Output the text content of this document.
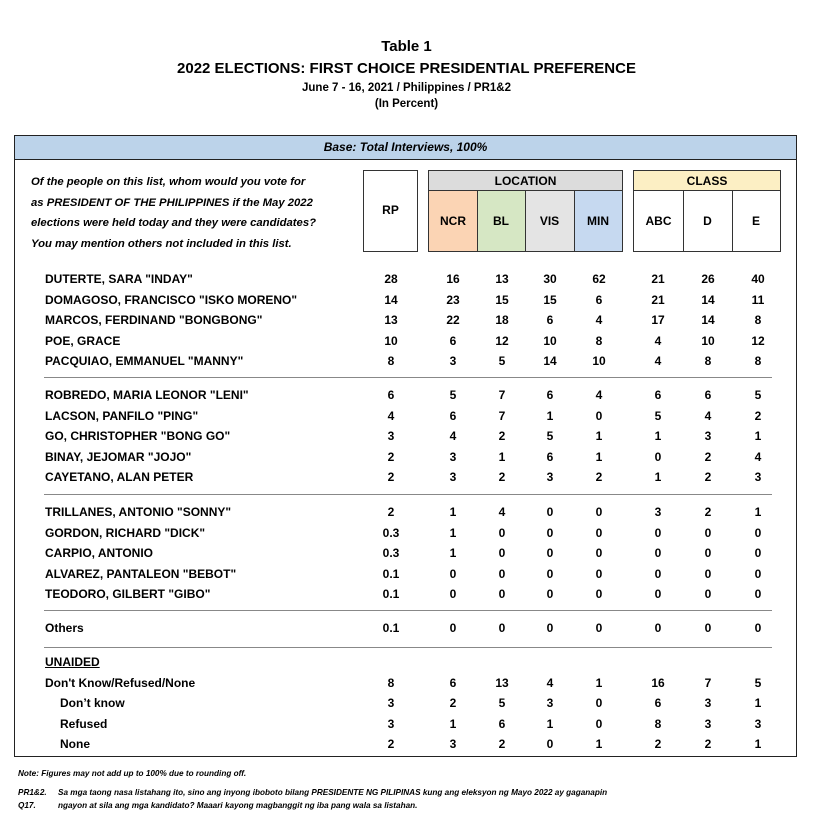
Table 1
2022 ELECTIONS: FIRST CHOICE PRESIDENTIAL PREFERENCE
June 7 - 16, 2021 / Philippines / PR1&2
(In Percent)
Base: Total Interviews, 100%
Of the people on this list, whom would you vote for
as PRESIDENT OF THE PHILIPPINES if the May 2022
elections were held today and they were candidates?
You may mention others not included in this list.
RP
LOCATION
NCR	BL	VIS	MIN
CLASS
ABC	D	E
DUTERTE, SARA "INDAY"	28	16	13	30	62	21	26	40
DOMAGOSO, FRANCISCO "ISKO MORENO"	14	23	15	15	6	21	14	11
MARCOS, FERDINAND "BONGBONG"	13	22	18	6	4	17	14	8
POE, GRACE	10	6	12	10	8	4	10	12
PACQUIAO, EMMANUEL "MANNY"	8	3	5	14	10	4	8	8
ROBREDO, MARIA LEONOR "LENI"	6	5	7	6	4	6	6	5
LACSON, PANFILO "PING"	4	6	7	1	0	5	4	2
GO, CHRISTOPHER "BONG GO"	3	4	2	5	1	1	3	1
BINAY, JEJOMAR "JOJO"	2	3	1	6	1	0	2	4
CAYETANO, ALAN PETER	2	3	2	3	2	1	2	3
TRILLANES, ANTONIO "SONNY"	2	1	4	0	0	3	2	1
GORDON, RICHARD "DICK"	0.3	1	0	0	0	0	0	0
CARPIO, ANTONIO	0.3	1	0	0	0	0	0	0
ALVAREZ, PANTALEON "BEBOT"	0.1	0	0	0	0	0	0	0
TEODORO, GILBERT "GIBO"	0.1	0	0	0	0	0	0	0
Others	0.1	0	0	0	0	0	0	0
UNAIDED
Don't Know/Refused/None	8	6	13	4	1	16	7	5
Don’t know	3	2	5	3	0	6	3	1
Refused	3	1	6	1	0	8	3	3
None	2	3	2	0	1	2	2	1
Note: Figures may not add up to 100% due to rounding off.
PR1&2. Sa mga taong nasa listahang ito, sino ang inyong iboboto bilang PRESIDENTE NG PILIPINAS kung ang eleksyon ng Mayo 2022 ay gaganapin
Q17.	ngayon at sila ang mga kandidato? Maaari kayong magbanggit ng iba pang wala sa listahan.
